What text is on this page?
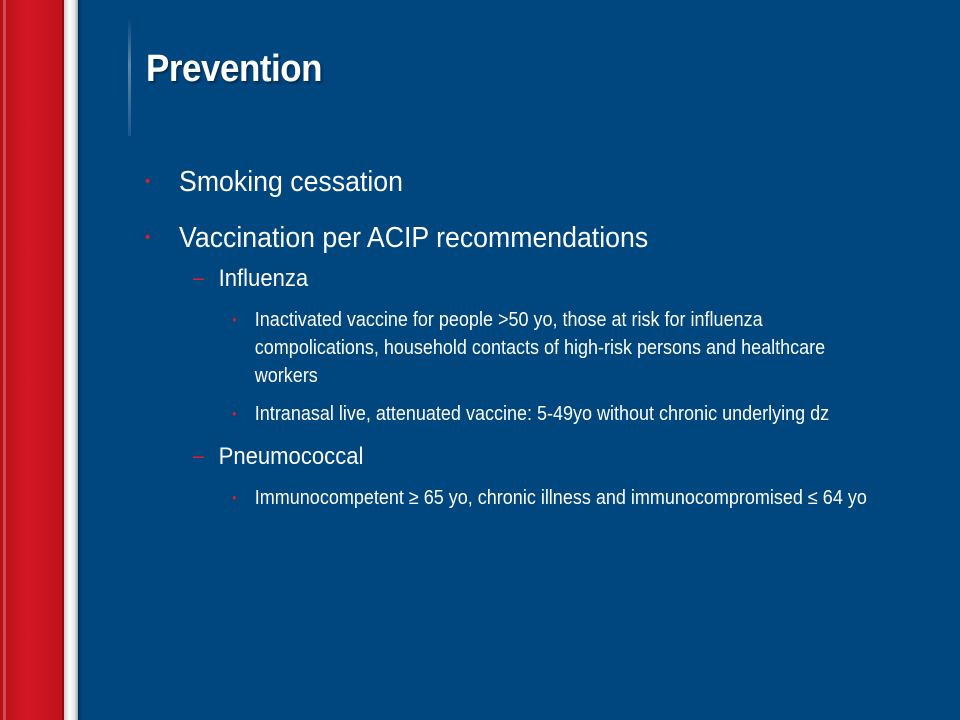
Prevention
• Smoking cessation
• Vaccination per ACIP recommendations
– Influenza
• Inactivated vaccine for people >50 yo, those at risk for influenza compolications, household contacts of high-risk persons and healthcare workers
• Intranasal live, attenuated vaccine: 5-49yo without chronic underlying dz
– Pneumococcal
• Immunocompetent ≥ 65 yo, chronic illness and immunocompromised ≤ 64 yo
